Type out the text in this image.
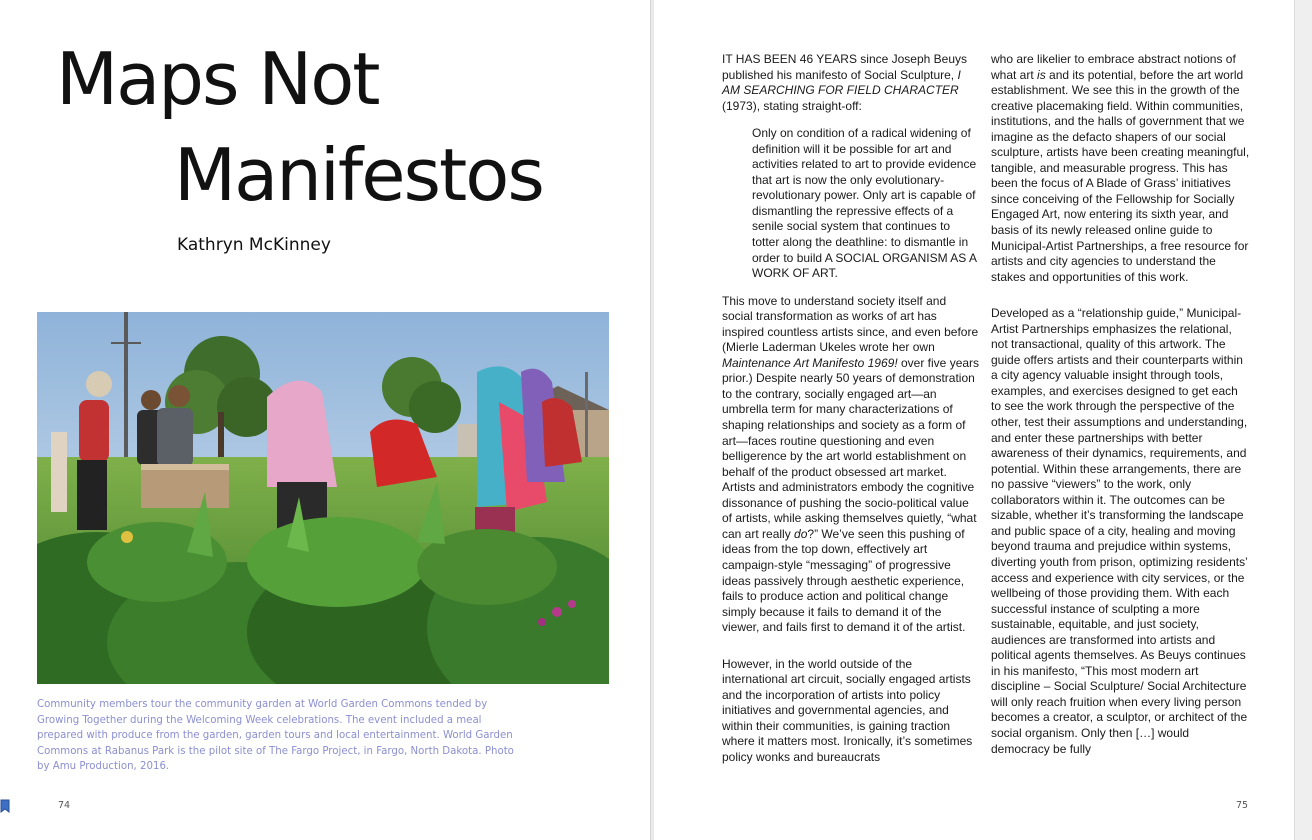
Maps Not
Manifestos
Kathryn McKinney
Community members tour the community garden at World Garden Commons tended by Growing Together during the Welcoming Week celebrations. The event included a meal prepared with produce from the garden, garden tours and local entertainment. World Garden Commons at Rabanus Park is the pilot site of The Fargo Project, in Fargo, North Dakota. Photo by Amu Production, 2016.
74

IT HAS BEEN 46 YEARS since Joseph Beuys published his manifesto of Social Sculpture, I AM SEARCHING FOR FIELD CHARACTER (1973), stating straight-off:

Only on condition of a radical widening of definition will it be possible for art and activities related to art to provide evidence that art is now the only evolutionary-revolutionary power. Only art is capable of dismantling the repressive effects of a senile social system that continues to totter along the deathline: to dismantle in order to build A SOCIAL ORGANISM AS A WORK OF ART.

This move to understand society itself and social transformation as works of art has inspired countless artists since, and even before (Mierle Laderman Ukeles wrote her own Maintenance Art Manifesto 1969! over five years prior.) Despite nearly 50 years of demonstration to the contrary, socially engaged art—an umbrella term for many characterizations of shaping relationships and society as a form of art—faces routine questioning and even belligerence by the art world establishment on behalf of the product obsessed art market. Artists and administrators embody the cognitive dissonance of pushing the socio-political value of artists, while asking themselves quietly, “what can art really do?” We’ve seen this pushing of ideas from the top down, effectively art campaign-style “messaging” of progressive ideas passively through aesthetic experience, fails to produce action and political change simply because it fails to demand it of the viewer, and fails first to demand it of the artist.

However, in the world outside of the international art circuit, socially engaged artists and the incorporation of artists into policy initiatives and governmental agencies, and within their communities, is gaining traction where it matters most. Ironically, it’s sometimes policy wonks and bureaucrats

who are likelier to embrace abstract notions of what art is and its potential, before the art world establishment. We see this in the growth of the creative placemaking field. Within communities, institutions, and the halls of government that we imagine as the defacto shapers of our social sculpture, artists have been creating meaningful, tangible, and measurable progress. This has been the focus of A Blade of Grass’ initiatives since conceiving of the Fellowship for Socially Engaged Art, now entering its sixth year, and basis of its newly released online guide to Municipal-Artist Partnerships, a free resource for artists and city agencies to understand the stakes and opportunities of this work.

Developed as a “relationship guide,” Municipal-Artist Partnerships emphasizes the relational, not transactional, quality of this artwork. The guide offers artists and their counterparts within a city agency valuable insight through tools, examples, and exercises designed to get each to see the work through the perspective of the other, test their assumptions and understanding, and enter these partnerships with better awareness of their dynamics, requirements, and potential. Within these arrangements, there are no passive “viewers” to the work, only collaborators within it. The outcomes can be sizable, whether it’s transforming the landscape and public space of a city, healing and moving beyond trauma and prejudice within systems, diverting youth from prison, optimizing residents’ access and experience with city services, or the wellbeing of those providing them. With each successful instance of sculpting a more sustainable, equitable, and just society, audiences are transformed into artists and political agents themselves. As Beuys continues in his manifesto, “This most modern art discipline – Social Sculpture/ Social Architecture will only reach fruition when every living person becomes a creator, a sculptor, or architect of the social organism. Only then […] would democracy be fully

75
